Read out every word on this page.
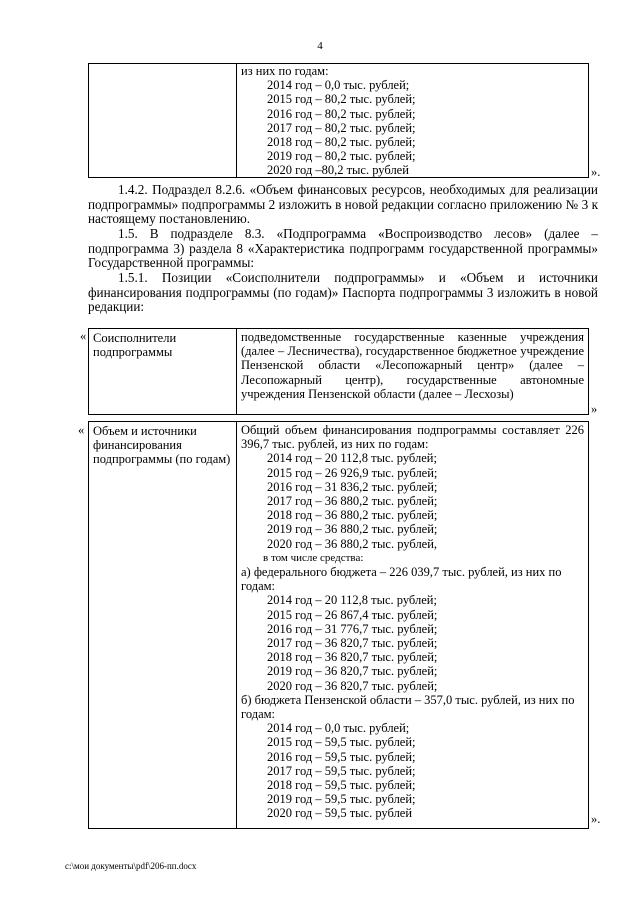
4
из них по годам:
2014 год – 0,0 тыс. рублей;
2015 год – 80,2 тыс. рублей;
2016 год – 80,2 тыс. рублей;
2017 год – 80,2 тыс. рублей;
2018 год – 80,2 тыс. рублей;
2019 год – 80,2 тыс. рублей;
2020 год –80,2 тыс. рублей	».
1.4.2. Подраздел 8.2.6. «Объем финансовых ресурсов, необходимых для реализации подпрограммы» подпрограммы 2 изложить в новой редакции согласно приложению № 3 к настоящему постановлению.
1.5. В подразделе 8.3. «Подпрограмма «Воспроизводство лесов» (далее – подпрограмма 3) раздела 8 «Характеристика подпрограмм государственной программы» Государственной программы:
1.5.1. Позиции «Соисполнители подпрограммы» и «Объем и источники финансирования подпрограммы (по годам)» Паспорта подпрограммы 3 изложить в новой редакции:
« Соисполнители подпрограммы
подведомственные государственные казенные учреждения (далее – Лесничества), государственное бюджетное учреждение Пензенской области «Лесопожарный центр» (далее – Лесопожарный центр), государственные автономные учреждения Пензенской области (далее – Лесхозы)
»
« Объем и источники финансирования подпрограммы (по годам)
Общий объем финансирования подпрограммы составляет 226 396,7 тыс. рублей, из них по годам:
2014 год – 20 112,8 тыс. рублей;
2015 год – 26 926,9 тыс. рублей;
2016 год – 31 836,2 тыс. рублей;
2017 год – 36 880,2 тыс. рублей;
2018 год – 36 880,2 тыс. рублей;
2019 год – 36 880,2 тыс. рублей;
2020 год – 36 880,2 тыс. рублей,
в том числе средства:
а) федерального бюджета – 226 039,7 тыс. рублей, из них по годам:
2014 год – 20 112,8 тыс. рублей;
2015 год – 26 867,4 тыс. рублей;
2016 год – 31 776,7 тыс. рублей;
2017 год – 36 820,7 тыс. рублей;
2018 год – 36 820,7 тыс. рублей;
2019 год – 36 820,7 тыс. рублей;
2020 год – 36 820,7 тыс. рублей;
б) бюджета Пензенской области – 357,0 тыс. рублей, из них по годам:
2014 год – 0,0 тыс. рублей;
2015 год – 59,5 тыс. рублей;
2016 год – 59,5 тыс. рублей;
2017 год – 59,5 тыс. рублей;
2018 год – 59,5 тыс. рублей;
2019 год – 59,5 тыс. рублей;
2020 год – 59,5 тыс. рублей	».
c:\мои документы\pdf\206-пп.docx
